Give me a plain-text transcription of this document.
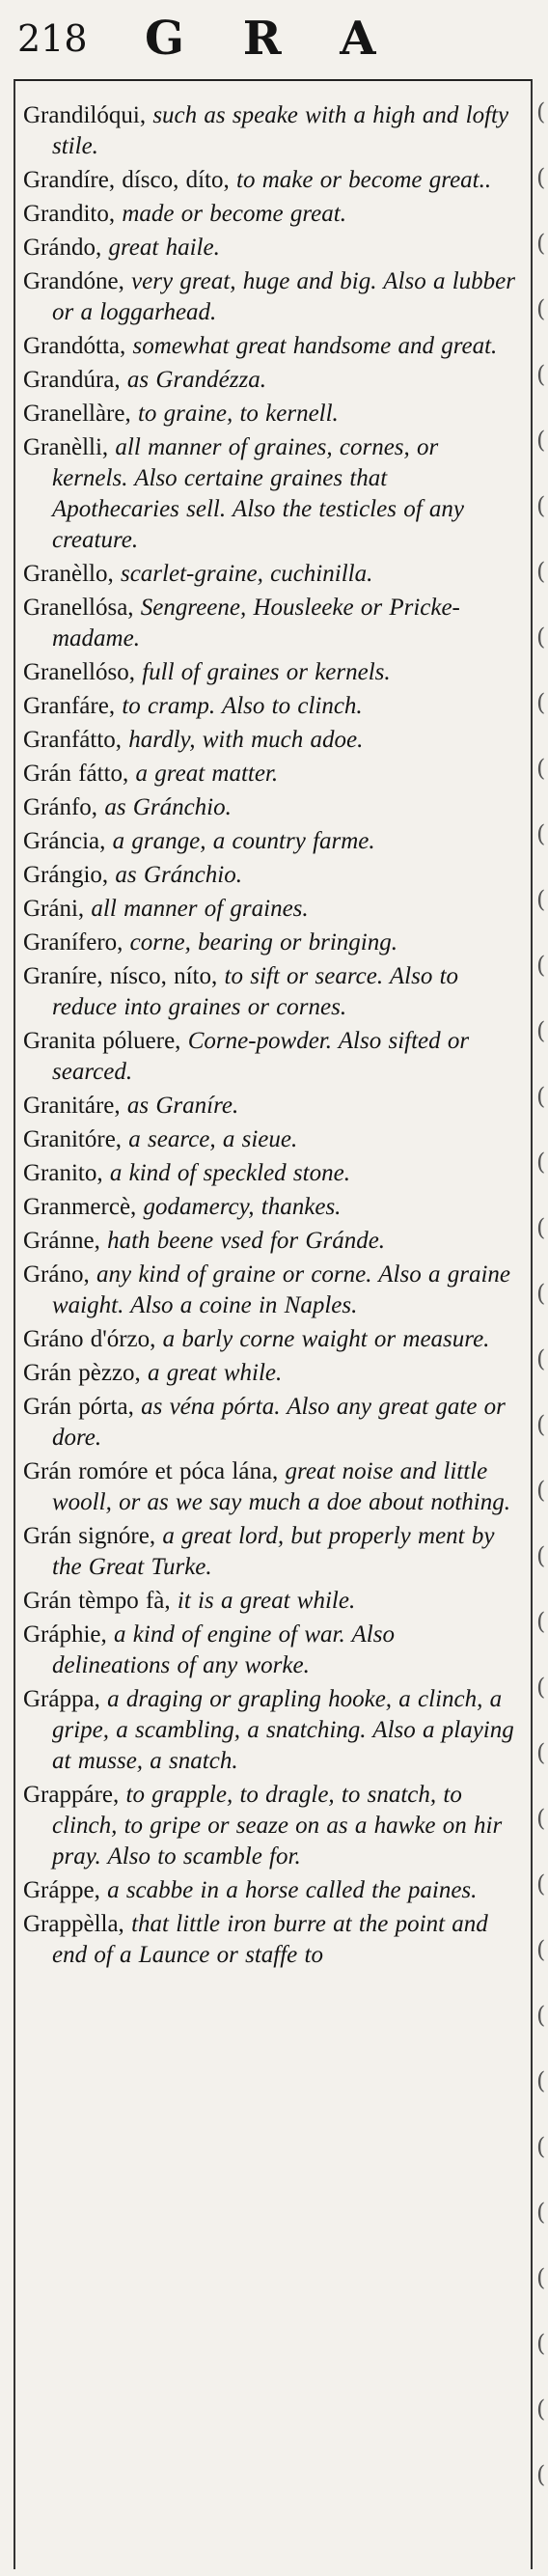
218 G R A
(
(
(
(
(
(
(
(
(
(
(
(
(
(
(
(
(
(
(
(
(
(
(
(
(
(
(
(
(
(
(
(
(
(
(
(
(
Grandilóqui, such as speake with a high and lofty stile.
Grandíre, dísco, díto, to make or become great..
Grandito, made or become great.
Grándo, great haile.
Grandóne, very great, huge and big. Also a lubber or a loggarhead.
Grandótta, somewhat great handsome and great.
Grandúra, as Grandézza.
Granellàre, to graine, to kernell.
Granèlli, all manner of graines, cornes, or kernels. Also certaine graines that Apothecaries sell. Also the testicles of any creature.
Granèllo, scarlet-graine, cuchinilla.
Granellósa, Sengreene, Housleeke or Pricke-madame.
Granellóso, full of graines or kernels.
Granfáre, to cramp. Also to clinch.
Granfátto, hardly, with much adoe.
Grán fátto, a great matter.
Gránfo, as Gránchio.
Gráncia, a grange, a country farme.
Grángio, as Gránchio.
Gráni, all manner of graines.
Granífero, corne, bearing or bringing.
Graníre, nísco, níto, to sift or searce. Also to reduce into graines or cornes.
Granita póluere, Corne-powder. Also sifted or searced.
Granitáre, as Graníre.
Granitóre, a searce, a sieue.
Granito, a kind of speckled stone.
Granmercè, godamercy, thankes.
Gránne, hath beene vsed for Gránde.
Gráno, any kind of graine or corne. Also a graine waight. Also a coine in Naples.
Gráno d'órzo, a barly corne waight or measure.
Grán pèzzo, a great while.
Grán pórta, as véna pórta. Also any great gate or dore.
Grán romóre et póca lána, great noise and little wooll, or as we say much a doe about nothing.
Grán signóre, a great lord, but properly ment by the Great Turke.
Grán tèmpo fà, it is a great while.
Gráphie, a kind of engine of war. Also delineations of any worke.
Gráppa, a draging or grapling hooke, a clinch, a gripe, a scambling, a snatching. Also a playing at musse, a snatch.
Grappáre, to grapple, to dragle, to snatch, to clinch, to gripe or seaze on as a hawke on hir pray. Also to scamble for.
Gráppe, a scabbe in a horse called the paines.
Grappèlla, that little iron burre at the point and end of a Launce or staffe to
